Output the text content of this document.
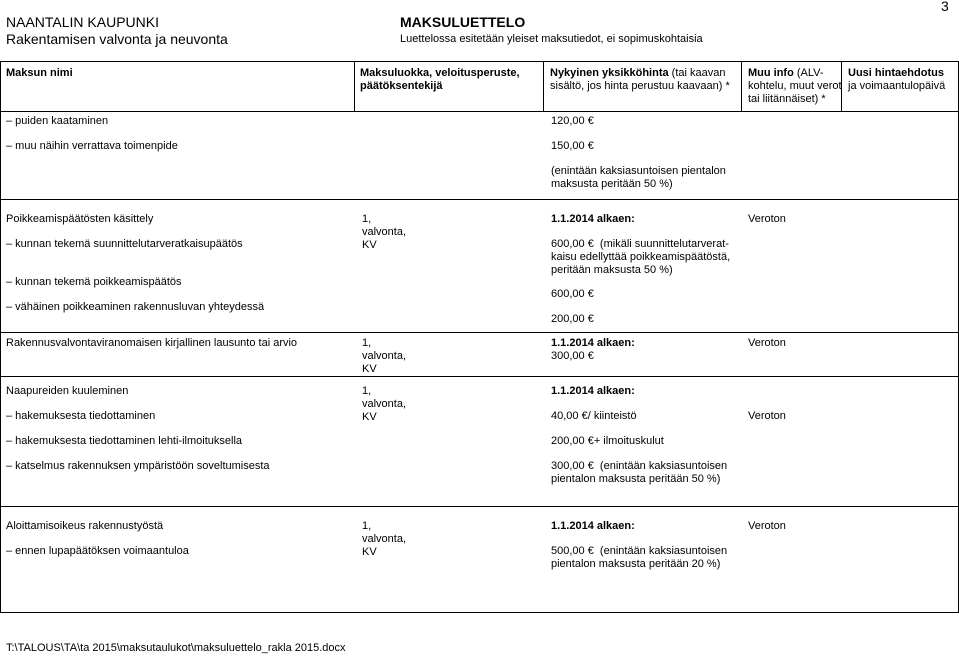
NAANTALIN KAUPUNKI
Rakentamisen valvonta ja neuvonta
MAKSULUETTELO
Luettelossa esitetään yleiset maksutiedot, ei sopimuskohtaisia
3
Maksun nimi	Maksuluokka, veloitusperuste,
päätöksentekijä
Nykyinen yksikköhinta (tai kaavan
sisältö, jos hinta perustuu kaavaan) *
Muu info (ALV-
kohtelu, muut verot
tai liitännäiset) *
Uusi hintaehdotus
ja voimaantulopäivä
– puiden kaataminen
– muu näihin verrattava toimenpide
120,00 €
150,00 €
(enintään kaksiasuntoisen pientalon
maksusta peritään 50 %)
Poikkeamispäätösten käsittely
– kunnan tekemä suunnittelutarveratkaisupäätös
– kunnan tekemä poikkeamispäätös
– vähäinen poikkeaminen rakennusluvan yhteydessä
1,
valvonta,
KV
1.1.2014 alkaen:
600,00 €  (mikäli suunnittelutarverat-
kaisu edellyttää poikkeamispäätöstä,
peritään maksusta 50 %)
600,00 €
200,00 €
Veroton
Rakennusvalvontaviranomaisen kirjallinen lausunto tai arvio	1,
valvonta,
KV
1.1.2014 alkaen:
300,00 €
Veroton
Naapureiden kuuleminen
– hakemuksesta tiedottaminen
– hakemuksesta tiedottaminen lehti-ilmoituksella
– katselmus rakennuksen ympäristöön soveltumisesta
1,
valvonta,
KV
1.1.2014 alkaen:
40,00 €/ kiinteistö
200,00 €+ ilmoituskulut
300,00 €  (enintään kaksiasuntoisen
pientalon maksusta peritään 50 %)
Veroton
Aloittamisoikeus rakennustyöstä
– ennen lupapäätöksen voimaantuloa
1,
valvonta,
KV
1.1.2014 alkaen:
500,00 €  (enintään kaksiasuntoisen
pientalon maksusta peritään 20 %)
Veroton
T:\TALOUS\TA\ta 2015\maksutaulukot\maksuluettelo_rakla 2015.docx
